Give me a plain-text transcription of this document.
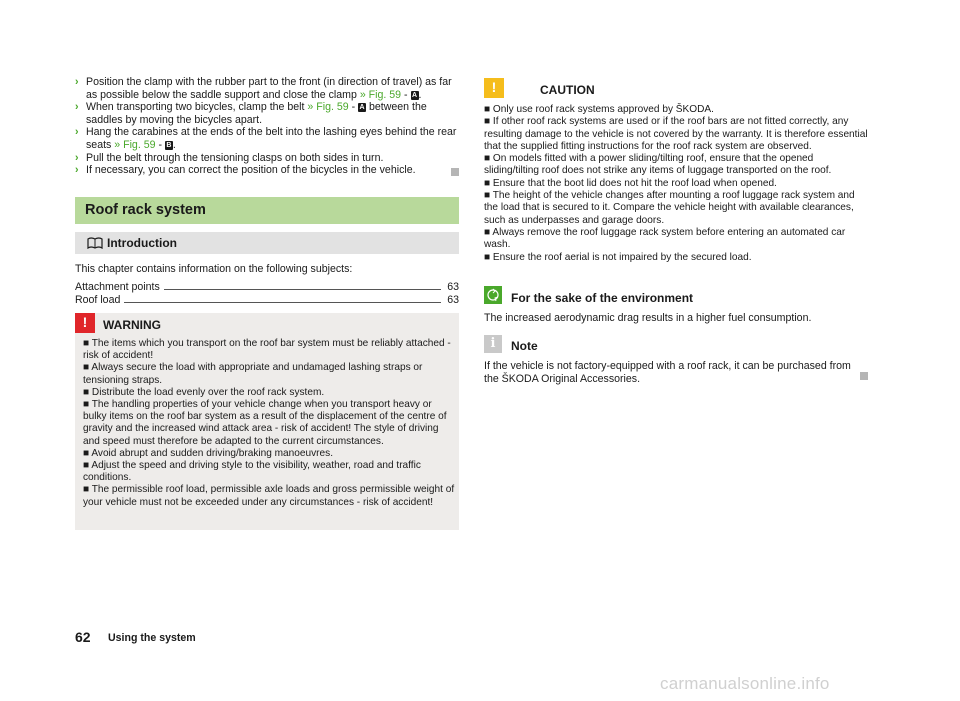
› Position the clamp with the rubber part to the front (in direction of travel) as far as possible below the saddle support and close the clamp » Fig. 59 - A.
› When transporting two bicycles, clamp the belt » Fig. 59 - A between the saddles by moving the bicycles apart.
› Hang the carabines at the ends of the belt into the lashing eyes behind the rear seats » Fig. 59 - B.
› Pull the belt through the tensioning clasps on both sides in turn.
› If necessary, you can correct the position of the bicycles in the vehicle.
Roof rack system
Introduction
This chapter contains information on the following subjects:
Attachment points	63
Roof load	63
!
WARNING
■ The items which you transport on the roof bar system must be reliably attached - risk of accident!
■ Always secure the load with appropriate and undamaged lashing straps or tensioning straps.
■ Distribute the load evenly over the roof rack system.
■ The handling properties of your vehicle change when you transport heavy or bulky items on the roof bar system as a result of the displacement of the centre of gravity and the increased wind attack area - risk of accident! The style of driving and speed must therefore be adapted to the current circumstances.
■ Avoid abrupt and sudden driving/braking manoeuvres.
■ Adjust the speed and driving style to the visibility, weather, road and traffic conditions.
■ The permissible roof load, permissible axle loads and gross permissible weight of your vehicle must not be exceeded under any circumstances - risk of accident!
!
CAUTION
■ Only use roof rack systems approved by ŠKODA.
■ If other roof rack systems are used or if the roof bars are not fitted correctly, any resulting damage to the vehicle is not covered by the warranty. It is therefore essential that the supplied fitting instructions for the roof rack system are observed.
■ On models fitted with a power sliding/tilting roof, ensure that the opened sliding/tilting roof does not strike any items of luggage transported on the roof.
■ Ensure that the boot lid does not hit the roof load when opened.
■ The height of the vehicle changes after mounting a roof luggage rack system and the load that is secured to it. Compare the vehicle height with available clearances, such as underpasses and garage doors.
■ Always remove the roof luggage rack system before entering an automated car wash.
■ Ensure the roof aerial is not impaired by the secured load.
For the sake of the environment
The increased aerodynamic drag results in a higher fuel consumption.
i
Note
If the vehicle is not factory-equipped with a roof rack, it can be purchased from the ŠKODA Original Accessories.
62 Using the system
carmanualsonline.info
